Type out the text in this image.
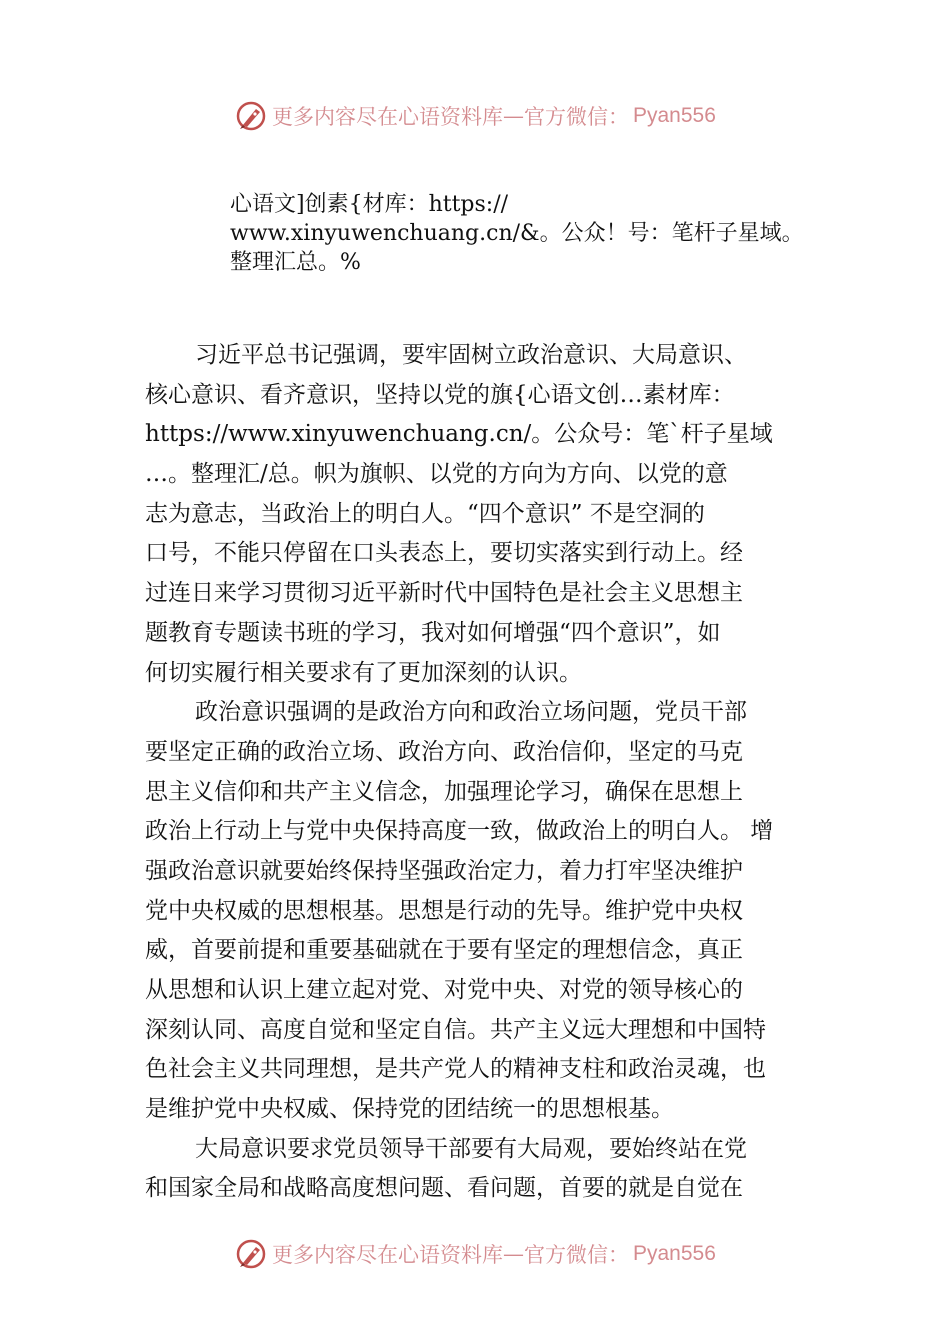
更多内容尽在心语资料库 — 官方微信： Pyan556
心语文]创素{材库：https://
www.xinyuwenchuang.cn/&。公众！号：笔杆子星域。
整理汇总。%
习近平总书记强调，要牢固树立政治意识、大局意识、
核心意识、看齐意识，坚持以党的旗{心语文创…素材库：
https://www.xinyuwenchuang.cn/。公众号：笔`杆子星域
…。整理汇/总。帜为旗帜、以党的方向为方向、以党的意
志为意志，当政治上的明白人。“四个意识” 不是空洞的
口号，不能只停留在口头表态上，要切实落实到行动上。经
过连日来学习贯彻习近平新时代中国特色是社会主义思想主
题教育专题读书班的学习，我对如何增强“四个意识”，如
何切实履行相关要求有了更加深刻的认识。
政治意识强调的是政治方向和政治立场问题，党员干部
要坚定正确的政治立场、政治方向、政治信仰，坚定的马克
思主义信仰和共产主义信念，加强理论学习，确保在思想上
政治上行动上与党中央保持高度一致，做政治上的明白人。 增
强政治意识就要始终保持坚强政治定力，着力打牢坚决维护
党中央权威的思想根基。思想是行动的先导。维护党中央权
威，首要前提和重要基础就在于要有坚定的理想信念，真正
从思想和认识上建立起对党、对党中央、对党的领导核心的
深刻认同、高度自觉和坚定自信。共产主义远大理想和中国特
色社会主义共同理想，是共产党人的精神支柱和政治灵魂，也
是维护党中央权威、保持党的团结统一的思想根基。
大局意识要求党员领导干部要有大局观，要始终站在党
和国家全局和战略高度想问题、看问题，首要的就是自觉在
更多内容尽在心语资料库 — 官方微信： Pyan556
